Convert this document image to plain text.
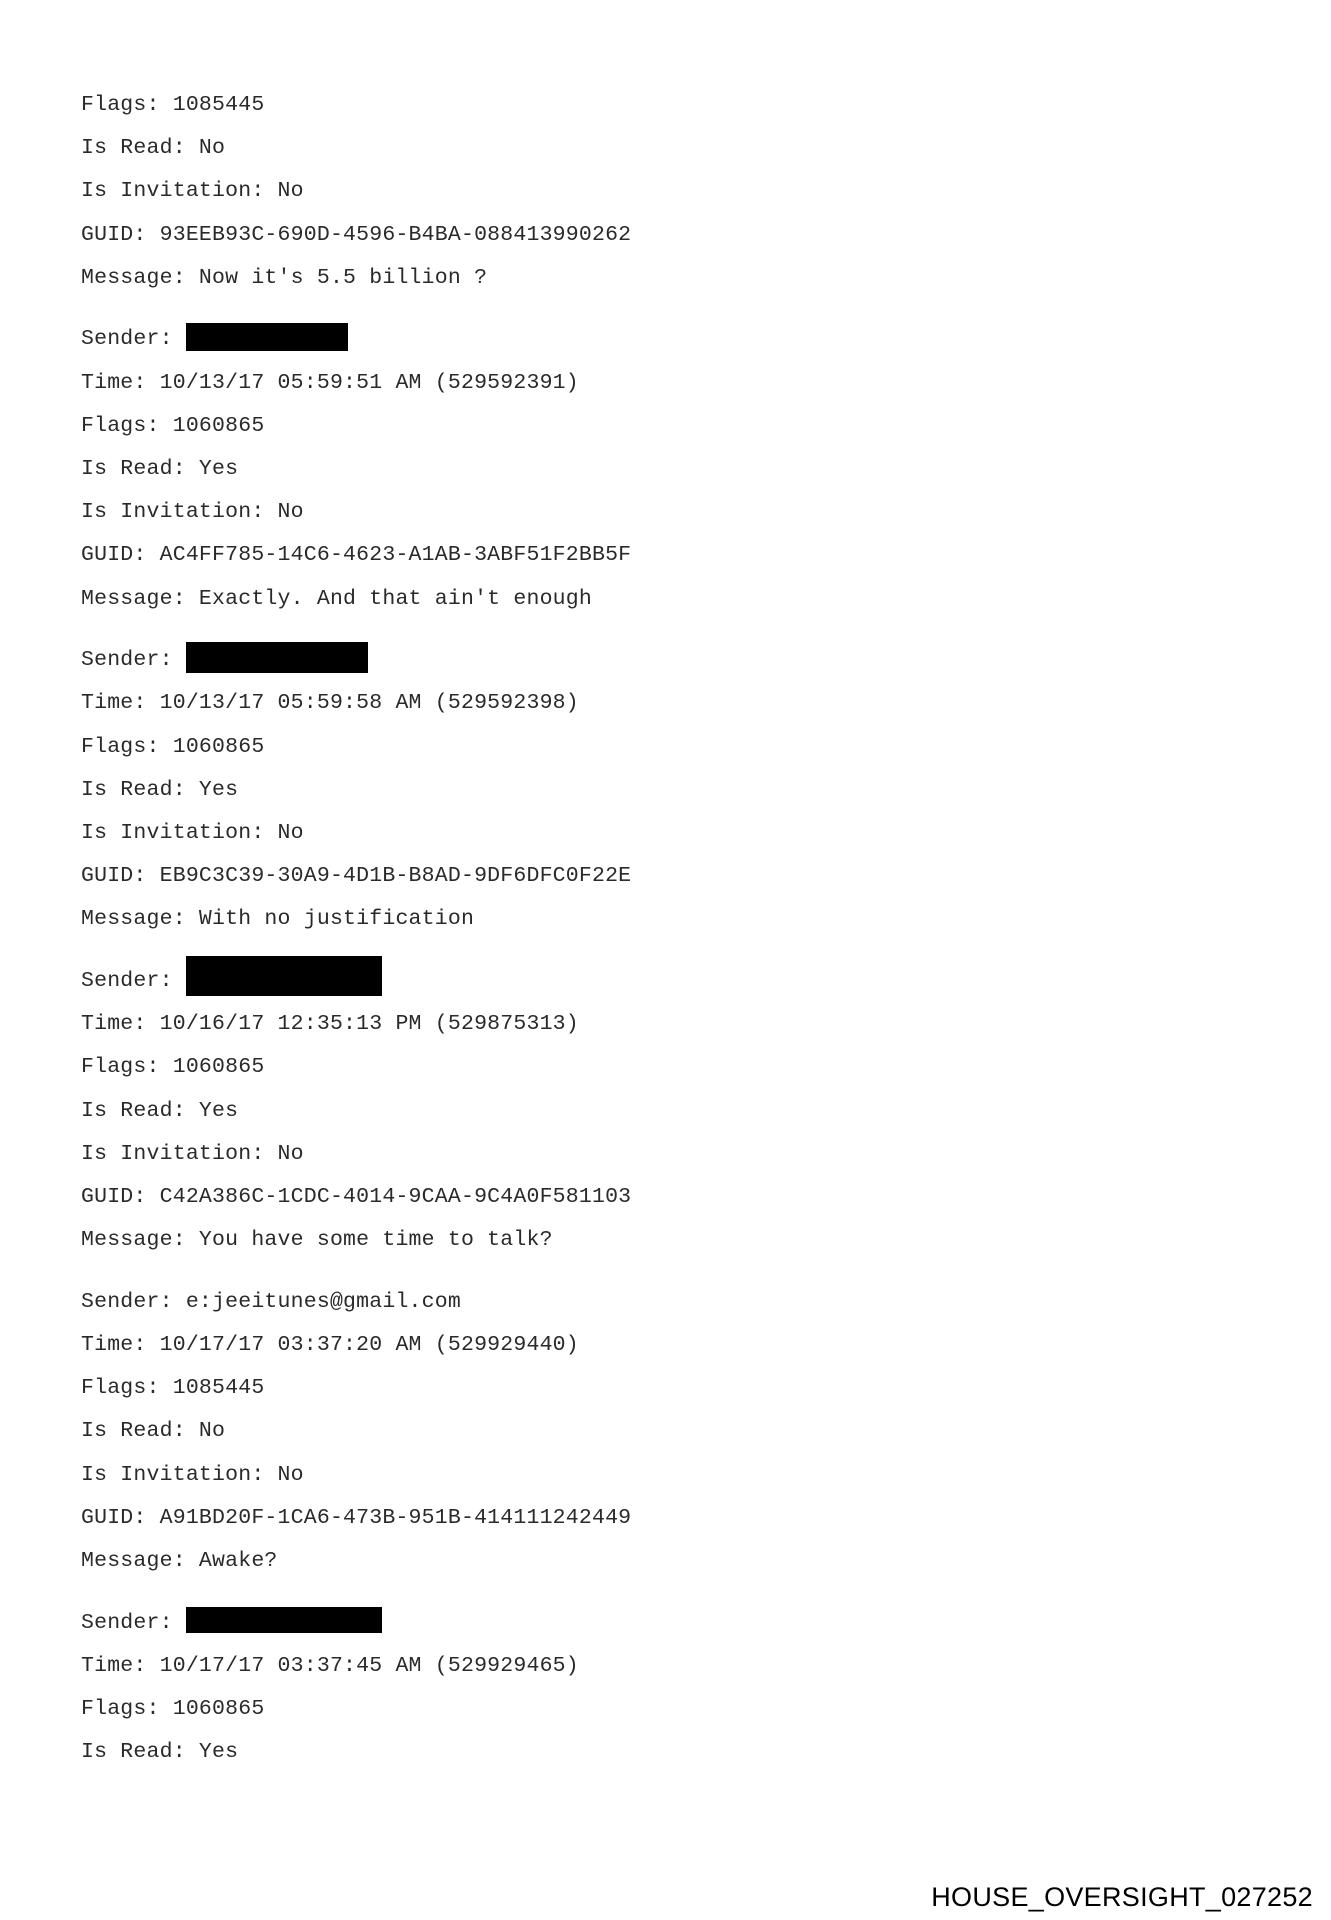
Flags: 1085445
Is Read: No
Is Invitation: No
GUID: 93EEB93C-690D-4596-B4BA-088413990262
Message: Now it's 5.5 billion ?
Sender:
Time: 10/13/17 05:59:51 AM (529592391)
Flags: 1060865
Is Read: Yes
Is Invitation: No
GUID: AC4FF785-14C6-4623-A1AB-3ABF51F2BB5F
Message: Exactly. And that ain't enough
Sender:
Time: 10/13/17 05:59:58 AM (529592398)
Flags: 1060865
Is Read: Yes
Is Invitation: No
GUID: EB9C3C39-30A9-4D1B-B8AD-9DF6DFC0F22E
Message: With no justification
Sender:
Time: 10/16/17 12:35:13 PM (529875313)
Flags: 1060865
Is Read: Yes
Is Invitation: No
GUID: C42A386C-1CDC-4014-9CAA-9C4A0F581103
Message: You have some time to talk?
Sender: e:jeeitunes@gmail.com
Time: 10/17/17 03:37:20 AM (529929440)
Flags: 1085445
Is Read: No
Is Invitation: No
GUID: A91BD20F-1CA6-473B-951B-414111242449
Message: Awake?
Sender:
Time: 10/17/17 03:37:45 AM (529929465)
Flags: 1060865
Is Read: Yes
HOUSE_OVERSIGHT_027252
